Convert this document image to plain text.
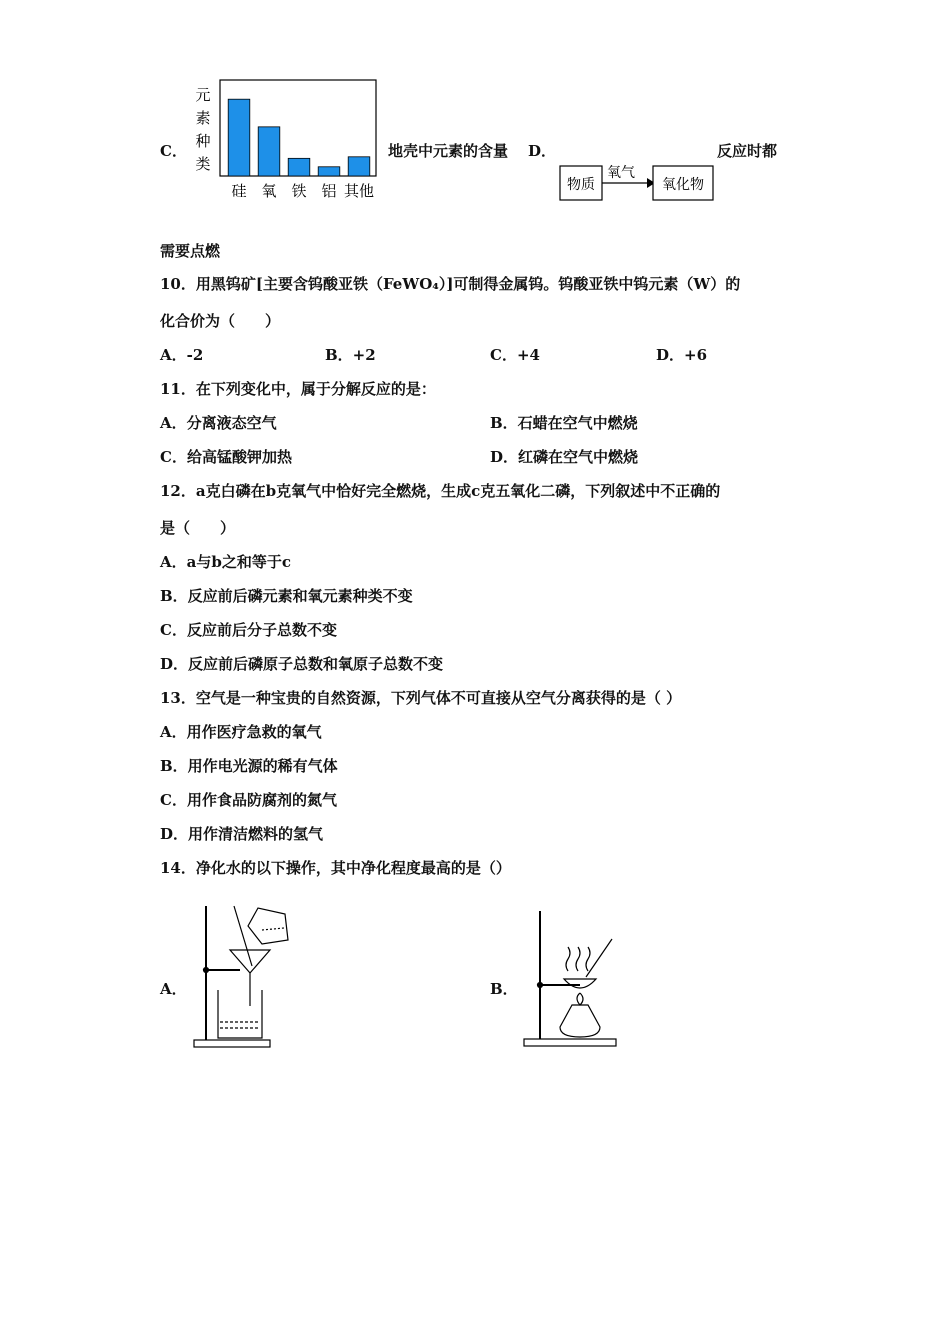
C．
元
素
种
类
硅 氧 铁 铝 其他
地壳中元素的含量 D．
物质
氧气
氧化物
反应时都
需要点燃
10．用黑钨矿[主要含钨酸亚铁（FeWO₄）]可制得金属钨。钨酸亚铁中钨元素（W）的
化合价为（　　）
A．-2	B．+2	C．+4	D．+6
11．在下列变化中，属于分解反应的是：
A．分离液态空气	B．石蜡在空气中燃烧
C．给高锰酸钾加热	D．红磷在空气中燃烧
12．a克白磷在b克氧气中恰好完全燃烧，生成c克五氧化二磷，下列叙述中不正确的
是（　　）
A．a与b之和等于c
B．反应前后磷元素和氧元素种类不变
C．反应前后分子总数不变
D．反应前后磷原子总数和氧原子总数不变
13．空气是一种宝贵的自然资源，下列气体不可直接从空气分离获得的是（ ）
A．用作医疗急救的氧气
B．用作电光源的稀有气体
C．用作食品防腐剂的氮气
D．用作清洁燃料的氢气
14．净化水的以下操作，其中净化程度最高的是（）
A．	B．
